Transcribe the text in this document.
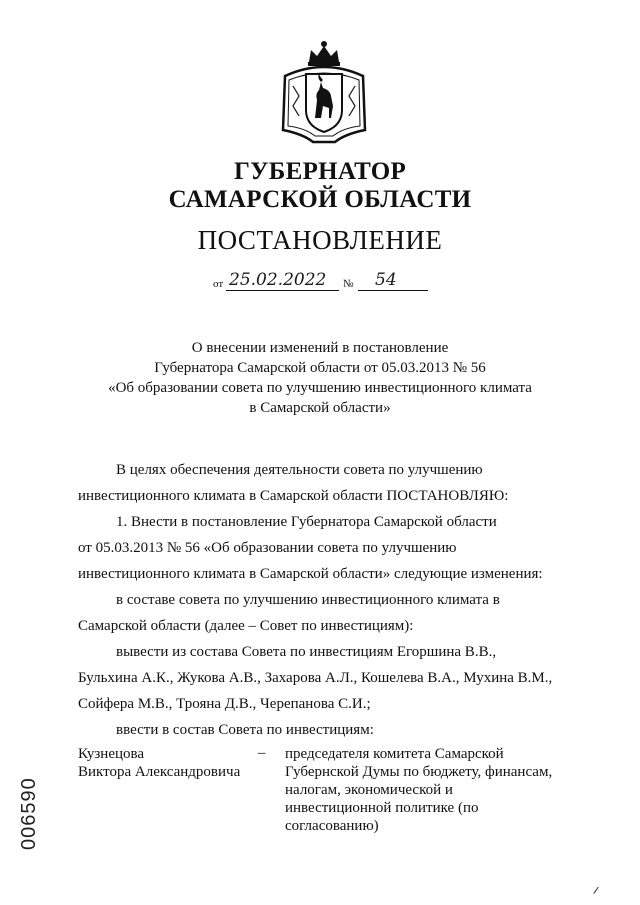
ГУБЕРНАТОР
САМАРСКОЙ ОБЛАСТИ
ПОСТАНОВЛЕНИЕ
от 25.02.2022 № 54
О внесении изменений в постановление
Губернатора Самарской области от 05.03.2013 № 56
«Об образовании совета по улучшению инвестиционного климата
в Самарской области»
В целях обеспечения деятельности совета по улучшению
инвестиционного климата в Самарской области ПОСТАНОВЛЯЮ:
1. Внести в постановление Губернатора Самарской области
от 05.03.2013 № 56 «Об образовании совета по улучшению
инвестиционного климата в Самарской области» следующие изменения:
в составе совета по улучшению инвестиционного климата в
Самарской области (далее – Совет по инвестициям):
вывести из состава Совета по инвестициям Егоршина В.В.,
Бульхина А.К., Жукова А.В., Захарова А.Л., Кошелева В.А., Мухина В.М.,
Сойфера М.В., Трояна Д.В., Черепанова С.И.;
ввести в состав Совета по инвестициям:
Кузнецова
Виктора Александровича
– председателя комитета Самарской
Губернской Думы по бюджету, финансам,
налогам, экономической и
инвестиционной политике (по
согласованию)
006590
